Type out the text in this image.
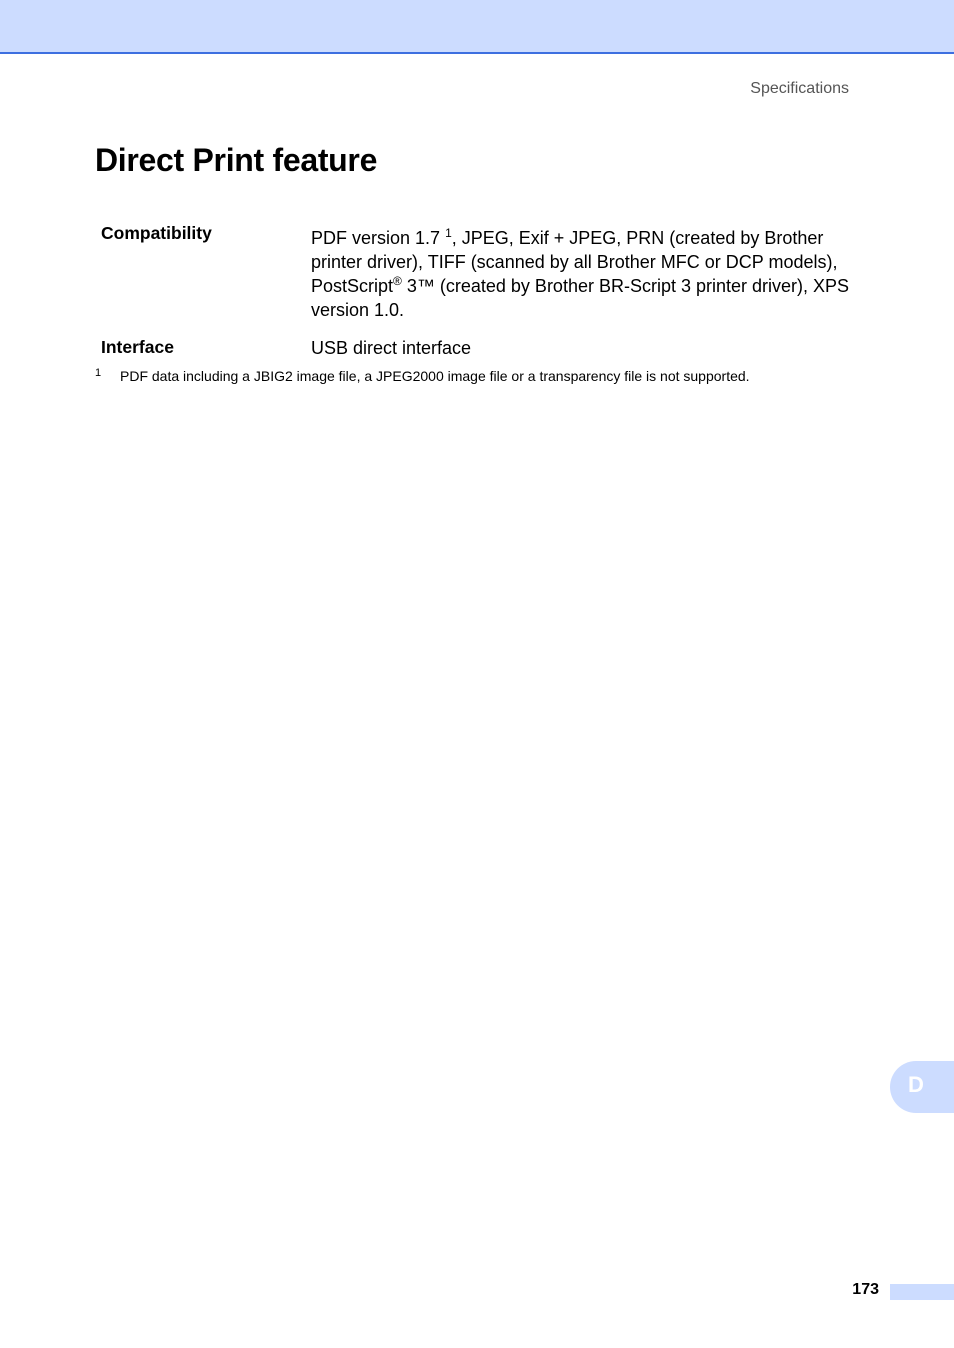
Specifications
Direct Print feature
Compatibility	PDF version 1.7 $^1$, JPEG, Exif + JPEG, PRN (created by Brother printer driver), TIFF (scanned by all Brother MFC or DCP models), PostScript® 3™ (created by Brother BR-Script 3 printer driver), XPS version 1.0.
Interface	USB direct interface
1	PDF data including a JBIG2 image file, a JPEG2000 image file or a transparency file is not supported.
D
173
